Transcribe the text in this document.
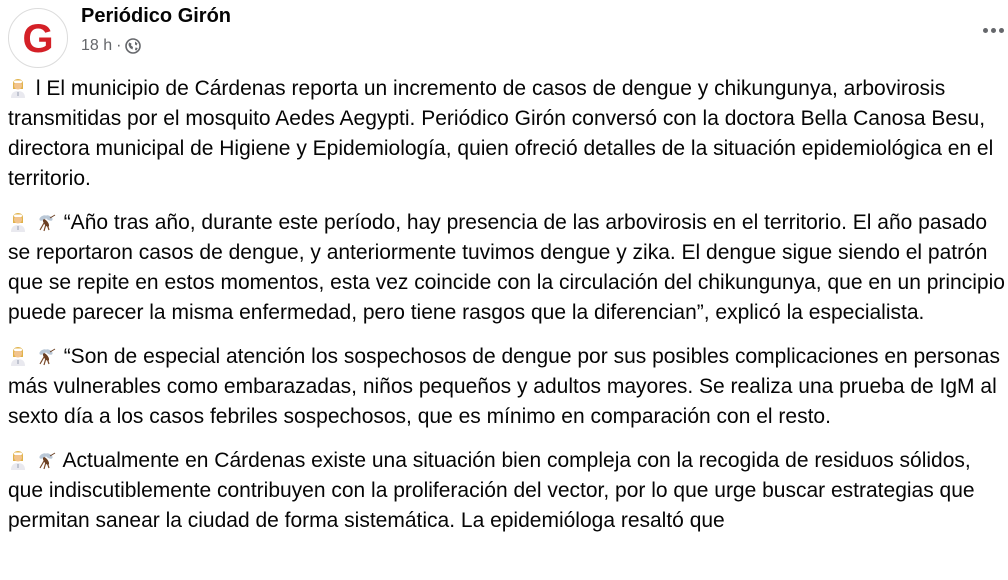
G
Periódico Girón
18 h ·

l El municipio de Cárdenas reporta un incremento de casos de dengue y chikungunya, arbovirosis transmitidas por el mosquito Aedes Aegypti. Periódico Girón conversó con la doctora Bella Canosa Besu, directora municipal de Higiene y Epidemiología, quien ofreció detalles de la situación epidemiológica en el territorio.

“Año tras año, durante este período, hay presencia de las arbovirosis en el territorio. El año pasado se reportaron casos de dengue, y anteriormente tuvimos dengue y zika. El dengue sigue siendo el patrón que se repite en estos momentos, esta vez coincide con la circulación del chikungunya, que en un principio puede parecer la misma enfermedad, pero tiene rasgos que la diferencian”, explicó la especialista.

“Son de especial atención los sospechosos de dengue por sus posibles complicaciones en personas más vulnerables como embarazadas, niños pequeños y adultos mayores. Se realiza una prueba de IgM al sexto día a los casos febriles sospechosos, que es mínimo en comparación con el resto.

Actualmente en Cárdenas existe una situación bien compleja con la recogida de residuos sólidos, que indiscutiblemente contribuyen con la proliferación del vector, por lo que urge buscar estrategias que permitan sanear la ciudad de forma sistemática. La epidemióloga resaltó que
